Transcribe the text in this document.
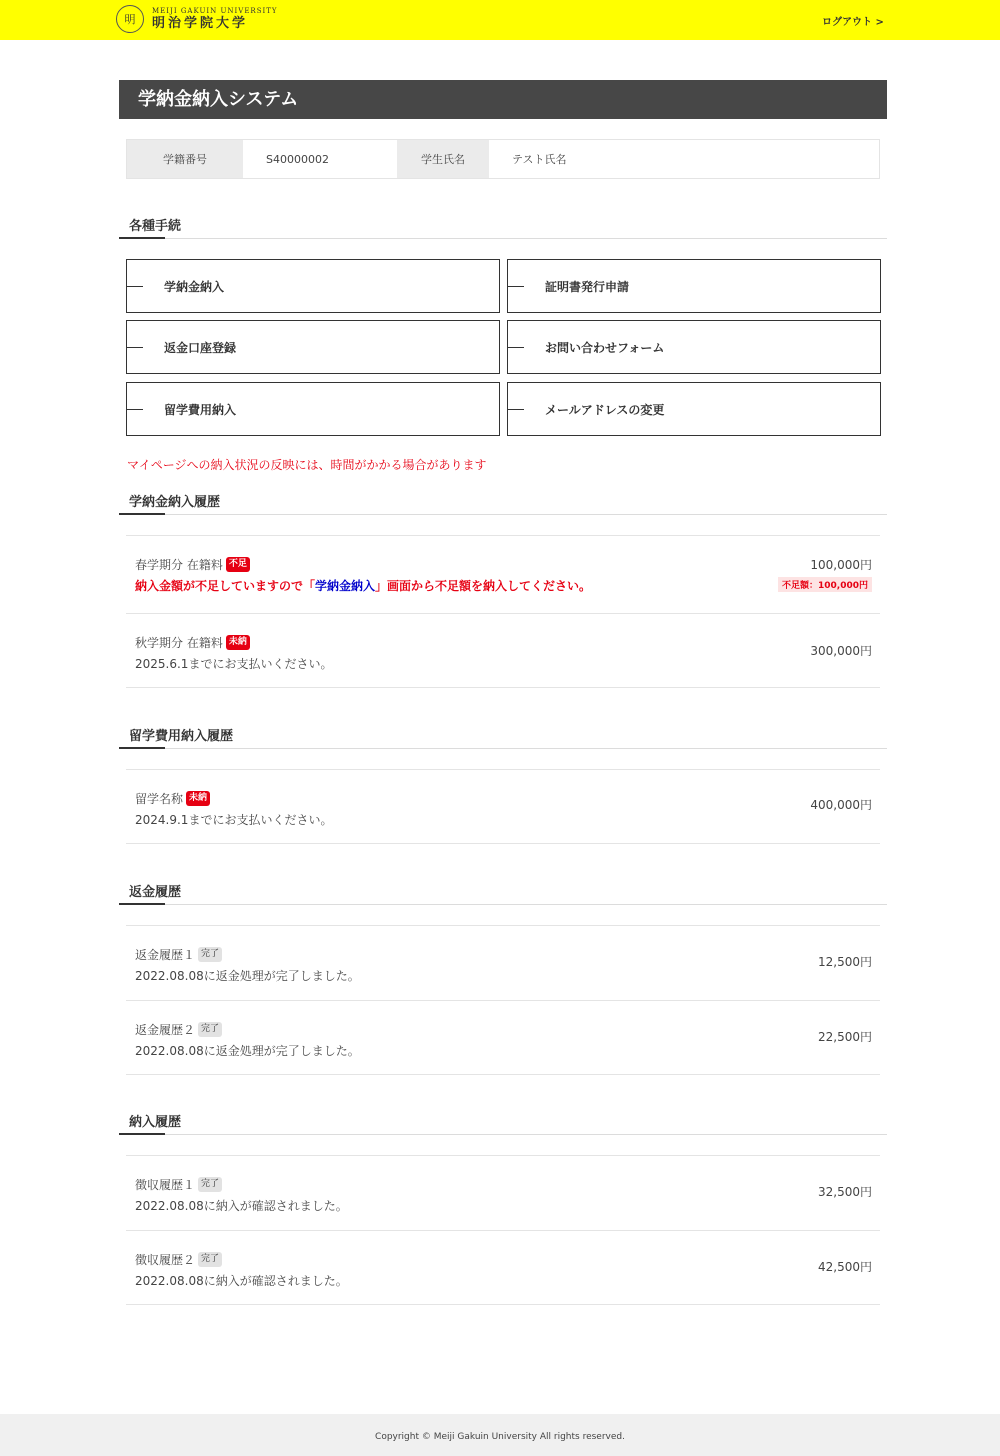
明
MEIJI GAKUIN UNIVERSITY
明治学院大学	ログアウト >
学納金納入システム
学籍番号	S40000002	学生氏名	テスト氏名
各種手続
学納金納入	証明書発行申請
返金口座登録	お問い合わせフォーム
留学費用納入	メールアドレスの変更
マイページへの納入状況の反映には、時間がかかる場合があります
学納金納入履歴
春学期分 在籍料 不足
納入金額が不足していますので「学納金納入」画面から不足額を納入してください。
100,000円
不足額：100,000円
秋学期分 在籍料 未納
2025.6.1までにお支払いください。
300,000円
留学費用納入履歴
留学名称 未納
2024.9.1までにお支払いください。
400,000円
返金履歴
返金履歴１ 完了
2022.08.08に返金処理が完了しました。
12,500円
返金履歴２ 完了
2022.08.08に返金処理が完了しました。
22,500円
納入履歴
徴収履歴１ 完了
2022.08.08に納入が確認されました。
32,500円
徴収履歴２ 完了
2022.08.08に納入が確認されました。
42,500円
Copyright © Meiji Gakuin University All rights reserved.
